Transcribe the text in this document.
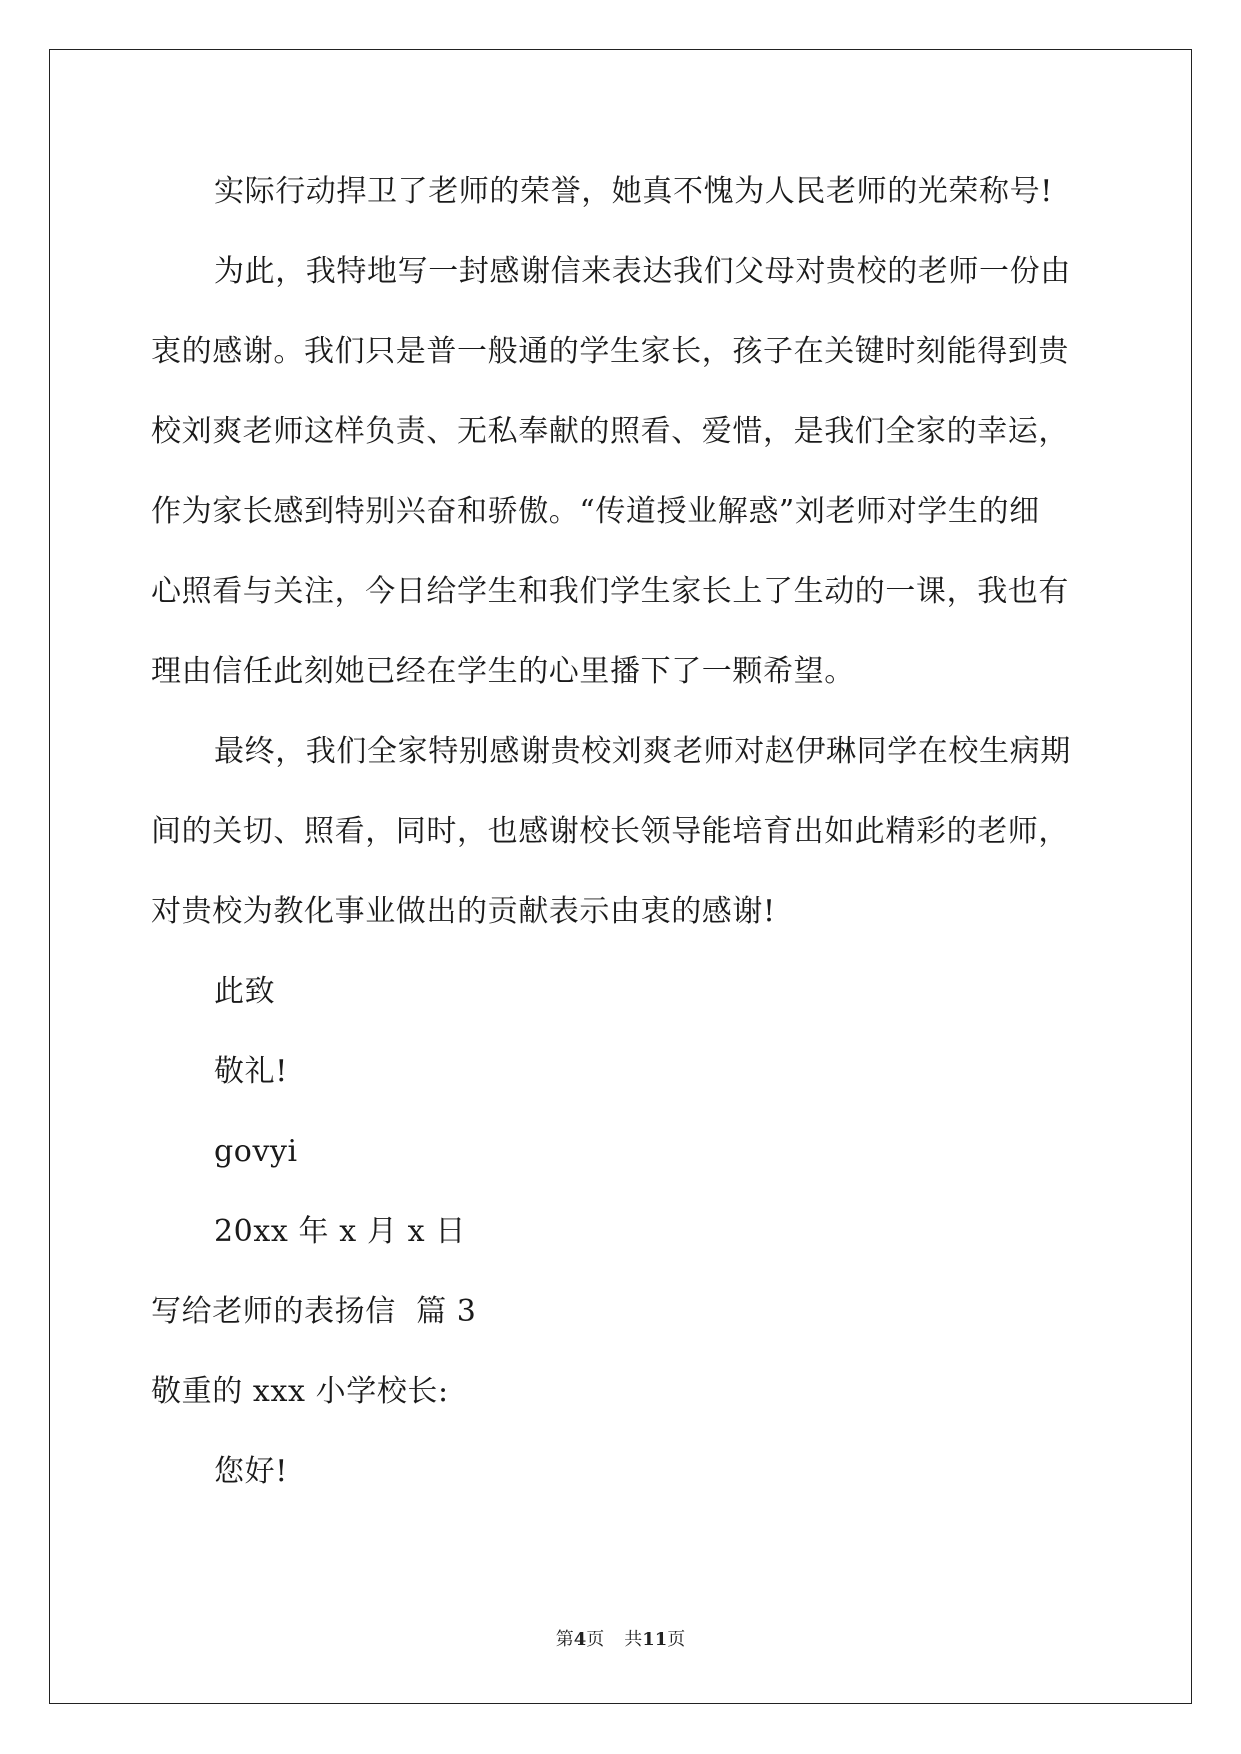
实际行动捍卫了老师的荣誉，她真不愧为人民老师的光荣称号!
为此，我特地写一封感谢信来表达我们父母对贵校的老师一份由
衷的感谢。我们只是普一般通的学生家长，孩子在关键时刻能得到贵
校刘爽老师这样负责、无私奉献的照看、爱惜，是我们全家的幸运，
作为家长感到特别兴奋和骄傲。“传道授业解惑”刘老师对学生的细
心照看与关注，今日给学生和我们学生家长上了生动的一课，我也有
理由信任此刻她已经在学生的心里播下了一颗希望。
最终，我们全家特别感谢贵校刘爽老师对赵伊琳同学在校生病期
间的关切、照看，同时，也感谢校长领导能培育出如此精彩的老师，
对贵校为教化事业做出的贡献表示由衷的感谢!
此致
敬礼!
govyi
20xx 年 x 月 x 日
写给老师的表扬信  篇 3
敬重的 xxx 小学校长:
您好!
第4页 共11页
